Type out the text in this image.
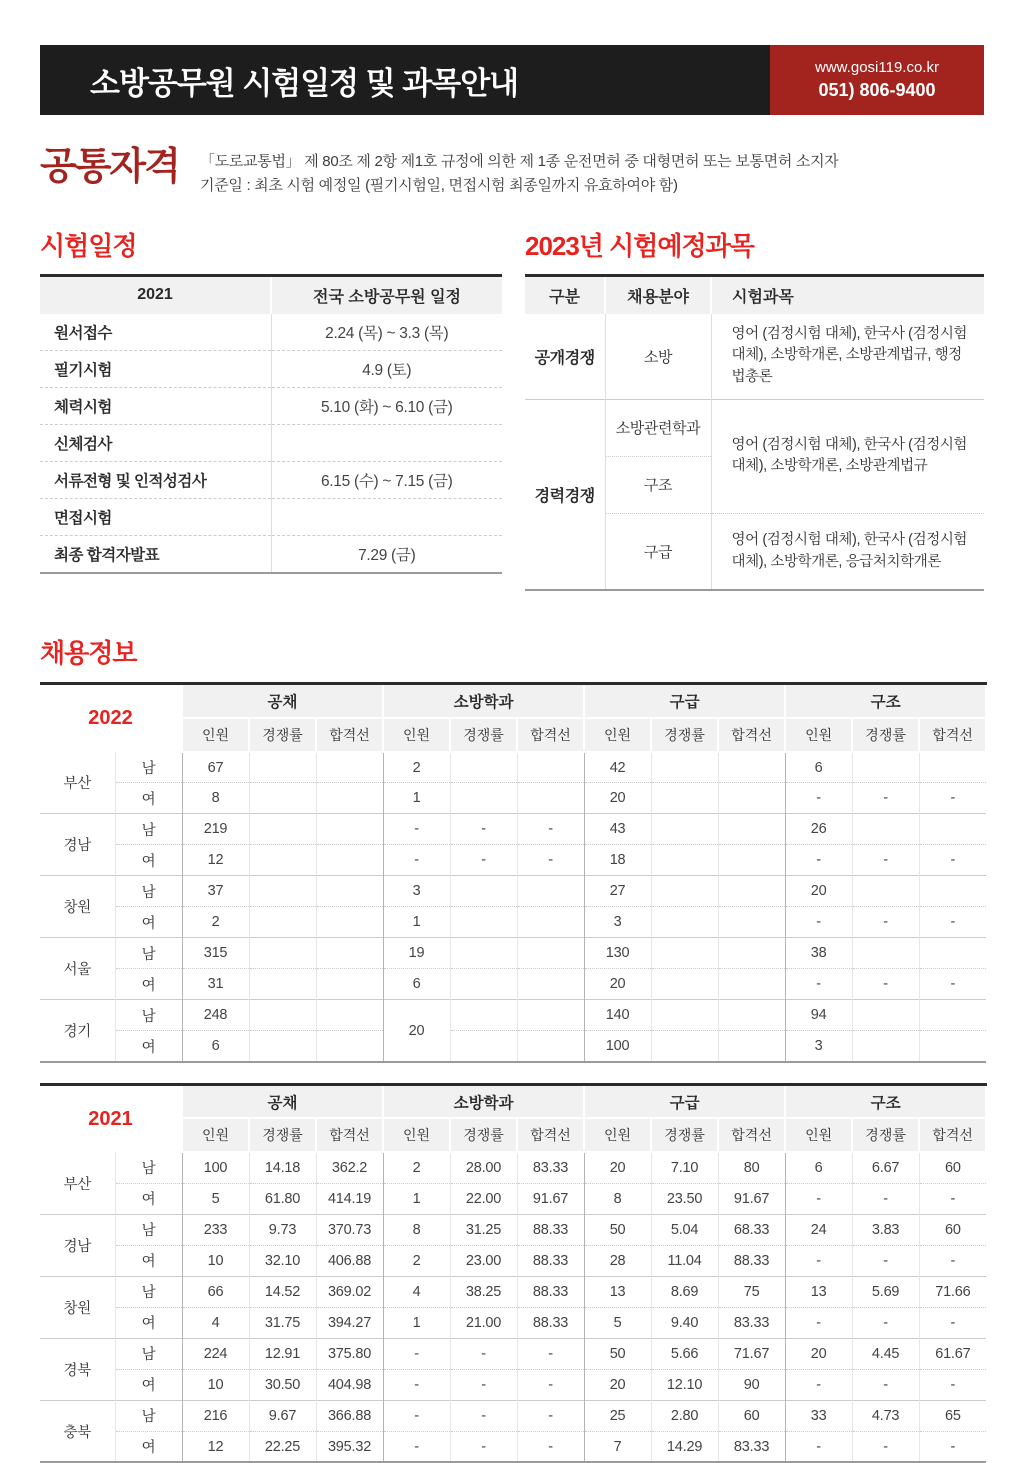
소방공무원 시험일정 및 과목안내	www.gosi119.co.kr
051) 806-9400
공통자격	「도로교통법」 제 80조 제 2항 제1호 규정에 의한 제 1종 운전면허 중 대형면허 또는 보통면허 소지자
기준일 : 최초 시험 예정일 (필기시험일, 면접시험 최종일까지 유효하여야 함)
시험일정
2021	전국 소방공무원 일정
원서접수	2.24 (목) ~ 3.3 (목)
필기시험	4.9 (토)
체력시험	5.10 (화) ~ 6.10 (금)
신체검사	
서류전형 및 인적성검사	6.15 (수) ~ 7.15 (금)
면접시험	
최종 합격자발표	7.29 (금)
2023년 시험예정과목
구분	채용분야	시험과목
공개경쟁	소방	영어 (검정시험 대체), 한국사 (검정시험 대체), 소방학개론, 소방관계법규, 행정법총론
경력경쟁	소방관련학과	영어 (검정시험 대체), 한국사 (검정시험 대체), 소방학개론, 소방관계법규
	구조	
	구급	영어 (검정시험 대체), 한국사 (검정시험 대체), 소방학개론, 응급처치학개론
채용정보
2022		공채			소방학과			구급			구조		
		인원	경쟁률	합격선	인원	경쟁률	합격선	인원	경쟁률	합격선	인원	경쟁률	합격선
부산	남	67			2			42			6		
	여	8			1			20			-	-	-
경남	남	219			-	-	-	43			26		
	여	12			-	-	-	18			-	-	-
창원	남	37			3			27			20		
	여	2			1			3			-	-	-
서울	남	315			19			130			38		
	여	31			6			20			-	-	-
경기	남	248			20			140			94		
	여	6						100			3		
2021		공채			소방학과			구급			구조		
		인원	경쟁률	합격선	인원	경쟁률	합격선	인원	경쟁률	합격선	인원	경쟁률	합격선
부산	남	100	14.18	362.2	2	28.00	83.33	20	7.10	80	6	6.67	60
	여	5	61.80	414.19	1	22.00	91.67	8	23.50	91.67	-	-	-
경남	남	233	9.73	370.73	8	31.25	88.33	50	5.04	68.33	24	3.83	60
	여	10	32.10	406.88	2	23.00	88.33	28	11.04	88.33	-	-	-
창원	남	66	14.52	369.02	4	38.25	88.33	13	8.69	75	13	5.69	71.66
	여	4	31.75	394.27	1	21.00	88.33	5	9.40	83.33	-	-	-
경북	남	224	12.91	375.80	-	-	-	50	5.66	71.67	20	4.45	61.67
	여	10	30.50	404.98	-	-	-	20	12.10	90	-	-	-
충북	남	216	9.67	366.88	-	-	-	25	2.80	60	33	4.73	65
	여	12	22.25	395.32	-	-	-	7	14.29	83.33	-	-	-
